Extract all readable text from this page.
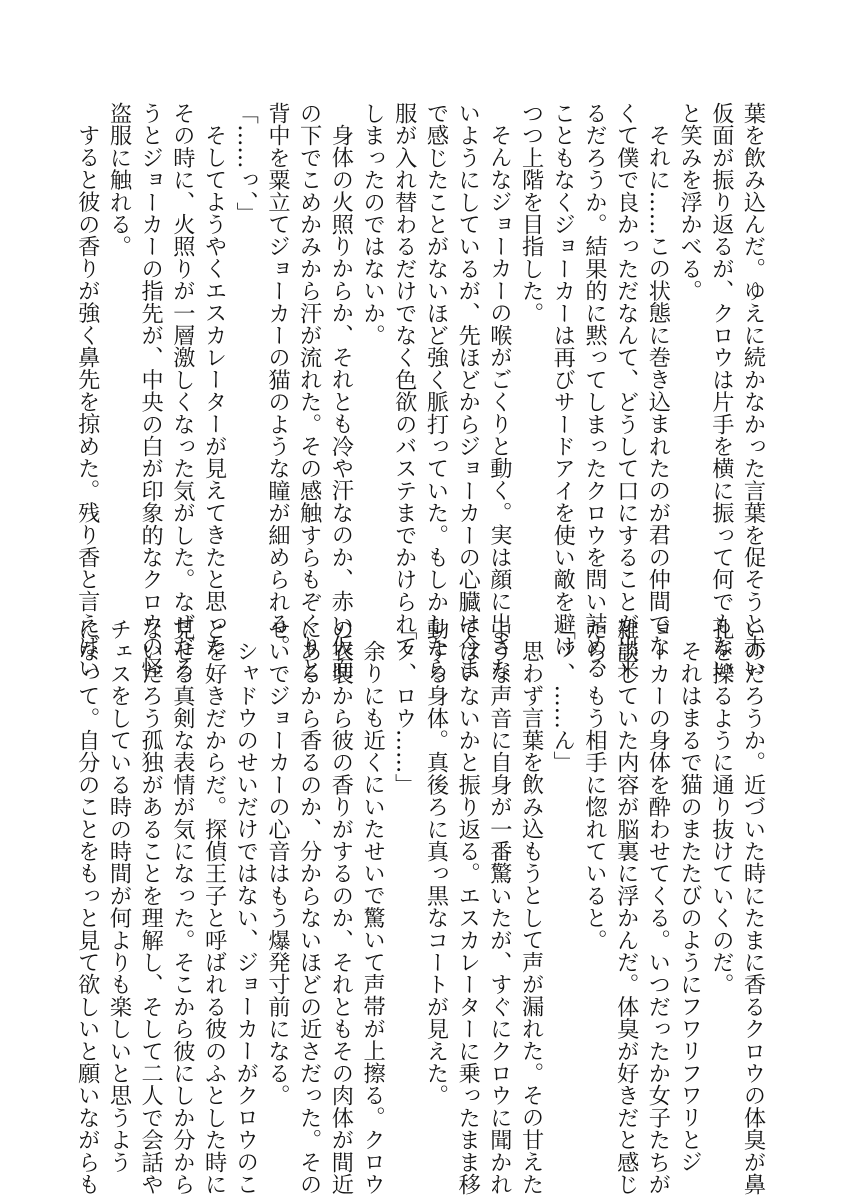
葉を飲み込んだ。ゆえに続かなかった言葉を促そうと赤い
仮面が振り返るが、クロウは片手を横に振って何でもない
と笑みを浮かべる。
それに……この状態に巻き込まれたのが君の仲間でな
くて僕で良かっただなんて、どうして口にすることが出来
るだろうか。結果的に黙ってしまったクロウを問い詰める
こともなくジョーカーは再びサードアイを使い敵を避け
つつ上階を目指した。
そんなジョーカーの喉がごくりと動く。実は顔に出さな
いようにしているが、先ほどからジョーカーの心臓は今ま
で感じたことがないほど強く脈打っていた。もしかしたら
服が入れ替わるだけでなく色欲のバステまでかけられて
しまったのではないか。
身体の火照りからか、それとも冷や汗なのか、赤い仮面
の下でこめかみから汗が流れた。その感触すらもぞくりと
背中を粟立てジョーカーの猫のような瞳が細められる。
「……っ、」
そしてようやくエスカレーターが見えてきたと思った
その時に、火照りが一層激しくなった気がした。なぜだろ
うとジョーカーの指先が、中央の白が印象的なクロウの怪
盗服に触れる。
すると彼の香りが強く鼻先を掠めた。残り香と言えばい
いのだろうか。近づいた時にたまに香るクロウの体臭が鼻
孔を擽るように通り抜けていくのだ。
それはまるで猫のまたたびのようにフワリフワリとジ
ョーカーの身体を酔わせてくる。いつだったか女子たちが
雑談していた内容が脳裏に浮かんだ。体臭が好きだと感じ
たら、もう相手に惚れていると。
「ッ、……ん」
思わず言葉を飲み込もうとして声が漏れた。その甘えた
ような声音に自身が一番驚いたが、すぐにクロウに聞かれ
てはいないかと振り返る。エスカレーターに乗ったまま移
動する身体。真後ろに真っ黒なコートが見えた。
「ク、ロウ……」
余りにも近くにいたせいで驚いて声帯が上擦る。クロウ
の衣装から彼の香りがするのか、それともその肉体が間近
にあるから香るのか、分からないほどの近さだった。その
せいでジョーカーの心音はもう爆発寸前になる。
シャドウのせいだけではない、ジョーカーがクロウのこ
とを好きだからだ。探偵王子と呼ばれる彼のふとした時に
見せる真剣な表情が気になった。そこから彼にしか分から
ないだろう孤独があることを理解し、そして二人で会話や
チェスをしている時の時間が何よりも楽しいと思うよう
になって。自分のことをもっと見て欲しいと願いながらも
